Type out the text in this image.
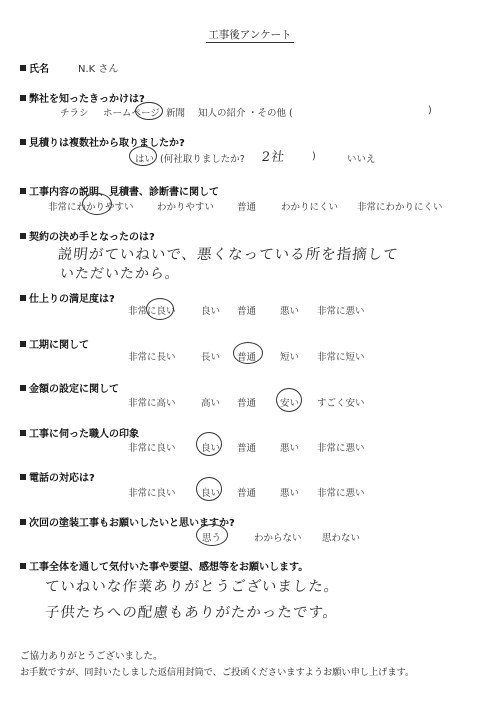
工事後アンケート
氏名	N.K さん
弊社を知ったきっかけは?
チラシ ホームページ 新聞 知人の紹介 ・その他 (	)
見積りは複数社から取りましたか?
はい (何社取りましたか? 2社	)	いいえ
工事内容の説明、見積書、診断書に関して
非常にわかりやすい わかりやすい 普通	わかりにくい 非常にわかりにくい
契約の決め手となったのは?
説明がていねいで、悪くなっている所を指摘して
いただいたから。
仕上りの満足度は?
非常に良い	良い 普通	悪い 非常に悪い
工期に関して
非常に長い	長い 普通	短い 非常に短い
金額の設定に関して
非常に高い	高い 普通	安い すごく安い
工事に伺った職人の印象
非常に良い	良い 普通	悪い 非常に悪い
電話の対応は?
非常に良い	良い 普通	悪い 非常に悪い
次回の塗装工事もお願いしたいと思いますか?
思う	わからない 思わない
工事全体を通して気付いた事や要望、感想等をお願いします。
ていねいな作業ありがとうございました。
子供たちへの配慮もありがたかったです。
ご協力ありがとうございました。
お手数ですが、同封いたしました返信用封筒で、ご投函くださいますようお願い申し上げます。
